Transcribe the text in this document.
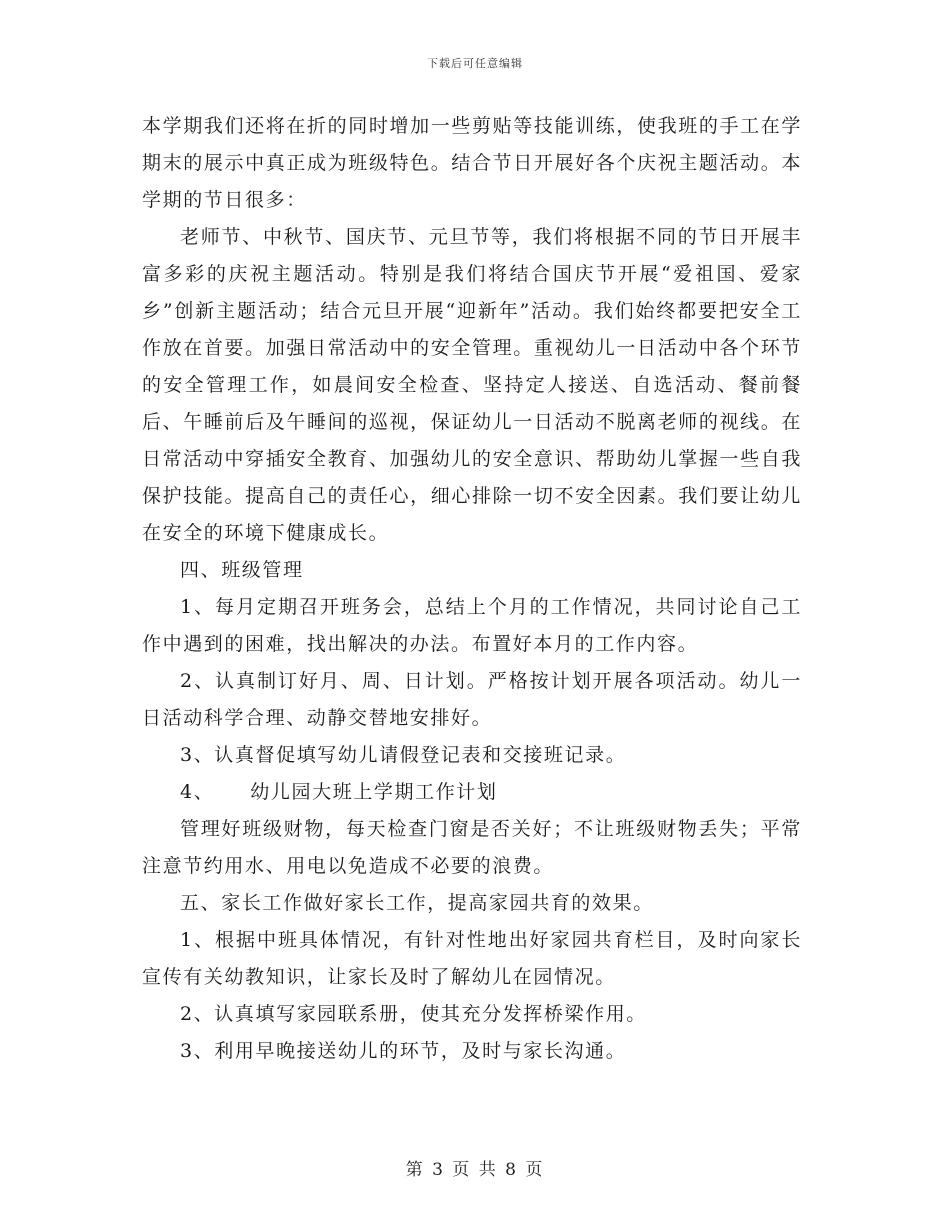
下载后可任意编辑

本学期我们还将在折的同时增加一些剪贴等技能训练，使我班的手工在学期末的展示中真正成为班级特色。结合节日开展好各个庆祝主题活动。本学期的节日很多：

老师节、中秋节、国庆节、元旦节等，我们将根据不同的节日开展丰富多彩的庆祝主题活动。特别是我们将结合国庆节开展“爱祖国、爱家乡”创新主题活动；结合元旦开展“迎新年”活动。我们始终都要把安全工作放在首要。加强日常活动中的安全管理。重视幼儿一日活动中各个环节的安全管理工作，如晨间安全检查、坚持定人接送、自选活动、餐前餐后、午睡前后及午睡间的巡视，保证幼儿一日活动不脱离老师的视线。在日常活动中穿插安全教育、加强幼儿的安全意识、帮助幼儿掌握一些自我保护技能。提高自己的责任心，细心排除一切不安全因素。我们要让幼儿在安全的环境下健康成长。

四、班级管理

1、每月定期召开班务会，总结上个月的工作情况，共同讨论自己工作中遇到的困难，找出解决的办法。布置好本月的工作内容。

2、认真制订好月、周、日计划。严格按计划开展各项活动。幼儿一日活动科学合理、动静交替地安排好。

3、认真督促填写幼儿请假登记表和交接班记录。

4、 幼儿园大班上学期工作计划

管理好班级财物，每天检查门窗是否关好；不让班级财物丢失；平常注意节约用水、用电以免造成不必要的浪费。

五、家长工作做好家长工作，提高家园共育的效果。

1、根据中班具体情况，有针对性地出好家园共育栏目，及时向家长宣传有关幼教知识，让家长及时了解幼儿在园情况。

2、认真填写家园联系册，使其充分发挥桥梁作用。

3、利用早晚接送幼儿的环节，及时与家长沟通。

第 3 页 共 8 页
